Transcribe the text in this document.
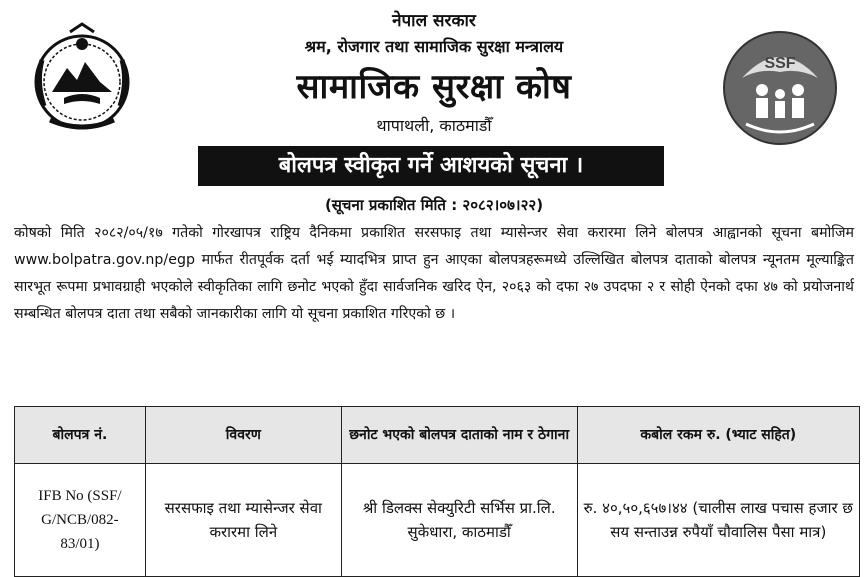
SSF
नेपाल सरकार
श्रम, रोजगार तथा सामाजिक सुरक्षा मन्त्रालय
सामाजिक सुरक्षा कोष
थापाथली, काठमाडौँ
बोलपत्र स्वीकृत गर्ने आशयको सूचना ।
(सूचना प्रकाशित मिति : २०८२।०७।२२)

कोषको मिति २०८२/०५/१७ गतेको गोरखापत्र राष्ट्रिय दैनिकमा प्रकाशित सरसफाइ तथा म्यासेन्जर सेवा करारमा लिने बोलपत्र आह्वानको सूचना बमोजिम www.bolpatra.gov.np/egp मार्फत रीतपूर्वक दर्ता भई म्यादभित्र प्राप्त हुन आएका बोलपत्रहरूमध्ये उल्लिखित बोलपत्र दाताको बोलपत्र न्यूनतम मूल्याङ्कित सारभूत रूपमा प्रभावग्राही भएकोले स्वीकृतिका लागि छनोट भएको हुँदा सार्वजनिक खरिद ऐन, २०६३ को दफा २७ उपदफा २ र सोही ऐनको दफा ४७ को प्रयोजनार्थ सम्बन्धित बोलपत्र दाता तथा सबैको जानकारीका लागि यो सूचना प्रकाशित गरिएको छ ।

बोलपत्र नं.	विवरण	छनोट भएको बोलपत्र दाताको नाम र ठेगाना	कबोल रकम रु. (भ्याट सहित)
IFB No (SSF/ G/NCB/082- 83/01)	सरसफाइ तथा म्यासेन्जर सेवा करारमा लिने	श्री डिलक्स सेक्युरिटी सर्भिस प्रा.लि. सुकेधारा, काठमाडौँ	रु. ४०,५०,६५७।४४ (चालीस लाख पचास हजार छ सय सन्ताउन्न रुपैयाँ चौवालिस पैसा मात्र)
